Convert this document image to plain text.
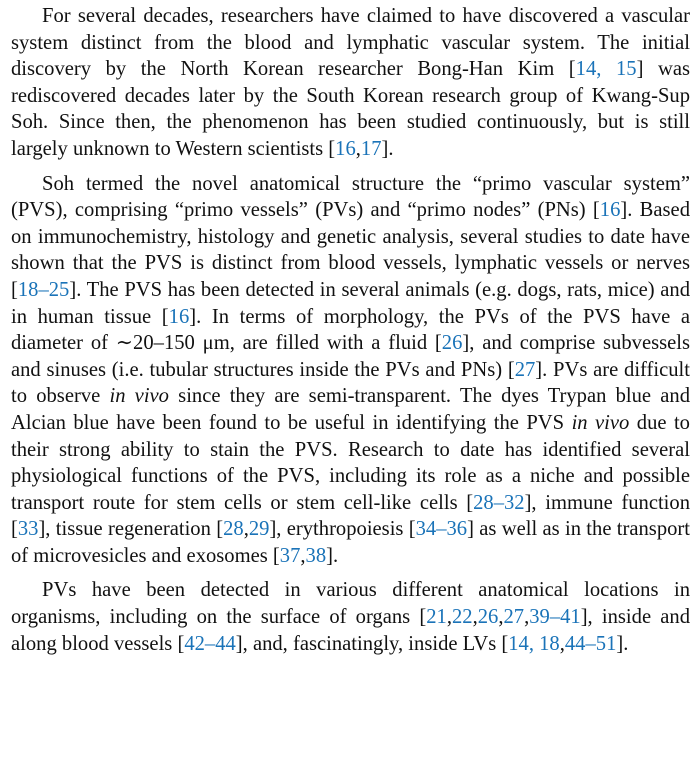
For several decades, researchers have claimed to have discovered a vascular system distinct from the blood and lymphatic vascular system. The initial discovery by the North Korean researcher Bong-Han Kim [14, 15] was rediscovered decades later by the South Korean research group of Kwang-Sup Soh. Since then, the phenomenon has been studied continuously, but is still largely unknown to Western scientists [16,17].

Soh termed the novel anatomical structure the “primo vascular system” (PVS), comprising “primo vessels” (PVs) and “primo nodes” (PNs) [16]. Based on immunochemistry, histology and genetic analysis, several studies to date have shown that the PVS is distinct from blood vessels, lymphatic vessels or nerves [18–25]. The PVS has been detected in several animals (e.g. dogs, rats, mice) and in human tissue [16]. In terms of morphology, the PVs of the PVS have a diameter of ∼20–150 μm, are filled with a fluid [26], and comprise subvessels and sinuses (i.e. tubular structures inside the PVs and PNs) [27]. PVs are difficult to observe in vivo since they are semi-transparent. The dyes Trypan blue and Alcian blue have been found to be useful in identifying the PVS in vivo due to their strong ability to stain the PVS. Research to date has identified several physiological functions of the PVS, including its role as a niche and possible transport route for stem cells or stem cell-like cells [28–32], immune function [33], tissue regeneration [28,29], erythropoiesis [34–36] as well as in the transport of microvesicles and exosomes [37,38].

PVs have been detected in various different anatomical locations in organisms, including on the surface of organs [21,22,26,27,39–41], inside and along blood vessels [42–44], and, fascinatingly, inside LVs [14, 18,44–51].
